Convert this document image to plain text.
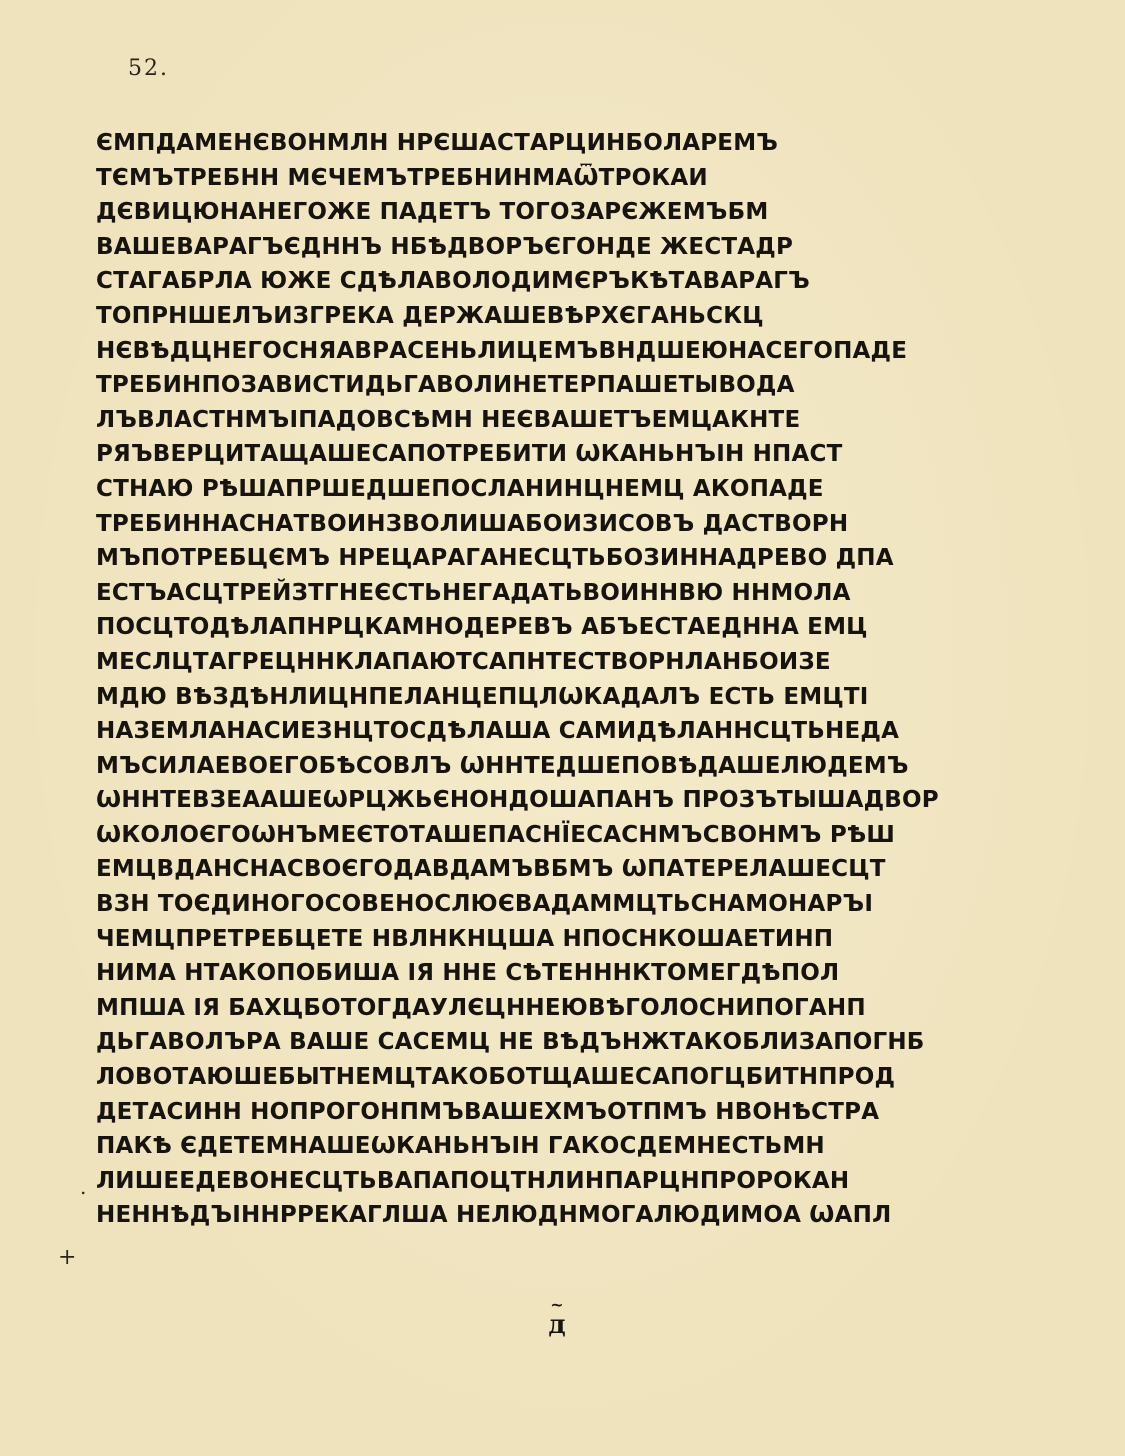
52.
ЄМПДАМЕНЄВОНМЛН НРЄШАСТАРЦИНБОЛАРЕМЪ
ТЄМЪТРЕБНН МЄЧЕМЪТРЕБНИНМАѾТРОКАИ
ДЄВИЦЮНАНЕГОЖЕ ПАДЕТЪ ТОГОЗАРЄЖЕМЪБМ
ВАШЕВАРАГЪЄДННЪ НБѢДВОРЪЄГОНДЕ ЖЕСТАДР
СТАГАБРЛА ЮЖЕ СДѢЛАВОЛОДИМЄРЪКѢТАВАРАГЪ
ТОПРНШЕЛЪИЗГРЕКА ДЕРЖАШЕВѢРХЄГАНЬСКЦ
НЄВѢДЦНЕГОСНЯАВРАСЕНЬЛИЦЕМЪВНДШЕЮНАСЕГОПАДЕ
ТРЕБИНПОЗАВИСТИДЬГАВОЛИНЕТЕРПАШЕТЫВОДА
ЛЪВЛАСТНМЪІПАДОВСѢМН НЕЄВАШЕТЪЕМЦАКНТЕ
РЯЪВЕРЦИТАЩАШЕСАПОТРЕБИТИ ѠКАНЬНЪІН НПАСТ
СТНАЮ РѢШАПРШЕДШЕПОСЛАНИНЦНЕМЦ АКОПАДЕ
ТРЕБИННАСНАТВОИНЗВОЛИШАБОИЗИСОВЪ ДАСТВОРН
МЪПОТРЕБЦЄМЪ НРЕЦАРАГАНЕСЦТЬБОЗИННАДРЕВО ДПА
ЕСТЪАСЦТРЕЙЗТГНЕЄСТЬНЕГАДАТЬВОИННВЮ ННМОЛА
ПОСЦТОДѢЛАПНРЦКАМНОДЕРЕВЪ АБЪЕСТАЕДННА ЕМЦ
МЕСЛЦТАГРЕЦННКЛАПАЮТСАПНТЕСТВОРНЛАНБОИЗЕ
МДЮ ВѢЗДѢНЛИЦНПЕЛАНЦЕПЦЛѠКАДАЛЪ ЕСТЬ ЕМЦТІ
НАЗЕМЛАНАСИЕЗНЦТОСДѢЛАША САМИДѢЛАННСЦТЬНЕДА
МЪСИЛАЕВОЕГОБѢСОВЛЪ ѠННТЕДШЕПОВѢДАШЕЛЮДЕМЪ
ѠННТЕВЗЕААШЕѠРЦЖЬЄНОНДОШАПАНЪ ПРОЗЪТЫШАДВОР
ѠКОЛОЄГОѠНЪМЕЄТОТАШЕПАСНЇЕСАСНМЪСВОНМЪ РѢШ
ЕМЦВДАНСНАСВОЄГОДАВДАМЪВБМЪ ѠПАТЕРЕЛАШЕСЦТ
ВЗН ТОЄДИНОГОСОВЕНОСЛЮЄВАДАММЦТЬСНАМОНАРЪІ
ЧЕМЦПРЕТРЕБЦЕТЕ НВЛНКНЦША НПОСНКОШАЕТИНП
НИМА НТАКОПОБИША ІЯ ННЕ СѢТЕНННКТОМЕГДѢПОЛ
МПША ІЯ БАХЦБОТОГДАУЛЄЦННЕЮВѢГОЛОСНИПОГАНП
ДЬГАВОЛЪРА ВАШЕ САСЕМЦ НЕ ВѢДЪНЖТАКОБЛИЗАПОГНБ
ЛОВОТАЮШЕБЫТНЕМЦТАКОБОТЩАШЕСАПОГЦБИТНПРОД
ДЕТАСИНН НОПРОГОНПМЪВАШЕХМЪОТПМЪ НВОНѢСТРА
ПАКѢ ЄДЕТЕМНАШЕѠКАНЬНЪІН ГАКОСДЕМНЕСТЬМН
ЛИШЕЕДЕВОНЕСЦТЬВАПАПОЦТНЛИНПАРЦНПРОРОКАН
НЕННѢДЪІННРРЕКАГЛША НЕЛЮДНМОГАЛЮДИМОА ѠАПЛ
.
+
~
д
